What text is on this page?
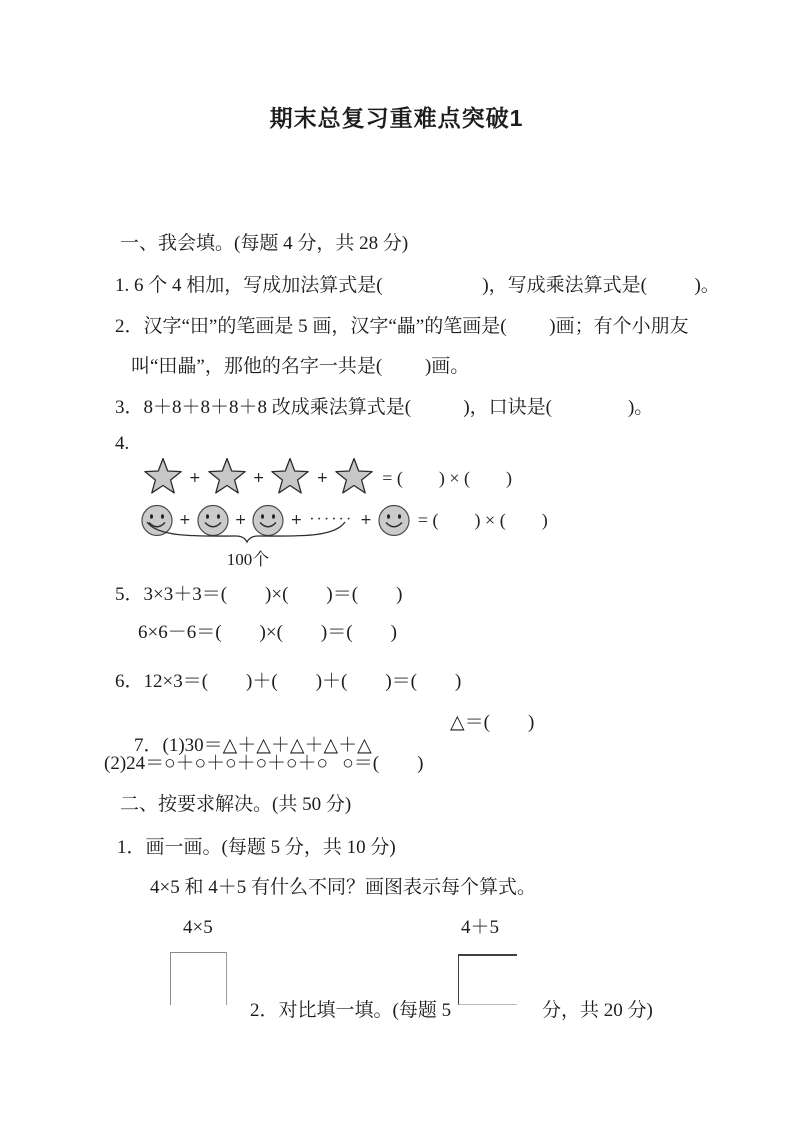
期末总复习重难点突破1
一、我会填。(每题 4 分，共 28 分)
1. 6 个 4 相加，写成加法算式是(                     )，写成乘法算式是(          )。
2．汉字“田”的笔画是 5 画，汉字“畾”的笔画是(         )画；有个小朋友
叫“田畾”，那他的名字一共是(         )画。
3．8＋8＋8＋8＋8 改成乘法算式是(           )，口诀是(                )。
4.
+	+	+	= (        ) × (        )
+	+	+ ······ +	= (        ) × (        )
100个
5．3×3＋3＝(        )×(        )＝(        )
6×6－6＝(        )×(        )＝(        )
6．12×3＝(        )＋(        )＋(        )＝(        )

7．(1)30＝△＋△＋△＋△＋△

△＝(        )

(2)24＝○＋○＋○＋○＋○＋○   ○＝(        )
二、按要求解决。(共 50 分)
1．画一画。(每题 5 分，共 10 分)
4×5 和 4＋5 有什么不同？画图表示每个算式。
4×5	4＋5
2．对比填一填。(每题 5	分，共 20 分)
